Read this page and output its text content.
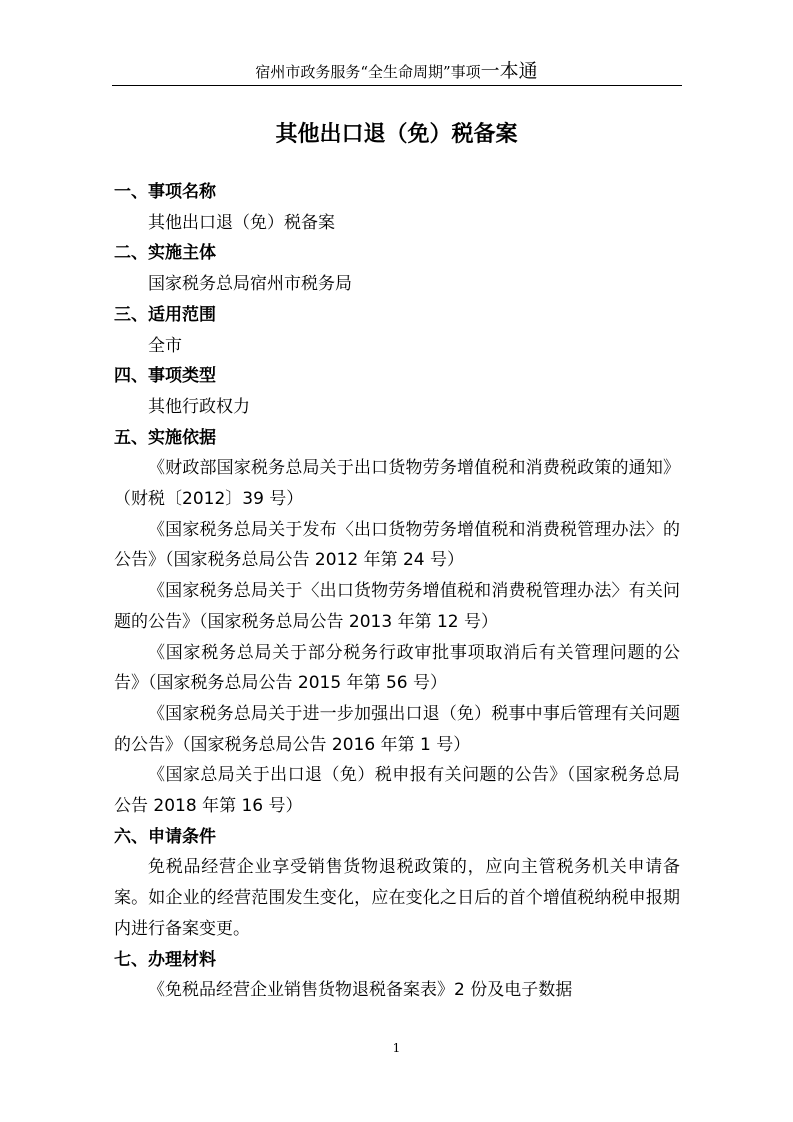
宿州市政务服务“全生命周期”事项一本通
其他出口退（免）税备案

一、事项名称

其他出口退（免）税备案

二、实施主体

国家税务总局宿州市税务局

三、适用范围

全市

四、事项类型

其他行政权力

五、实施依据

《财政部国家税务总局关于出口货物劳务增值税和消费税政策的通知》（财税〔2012〕39 号）

《国家税务总局关于发布〈出口货物劳务增值税和消费税管理办法〉的公告》（国家税务总局公告 2012 年第 24 号）

《国家税务总局关于〈出口货物劳务增值税和消费税管理办法〉有关问题的公告》（国家税务总局公告 2013 年第 12 号）

《国家税务总局关于部分税务行政审批事项取消后有关管理问题的公告》（国家税务总局公告 2015 年第 56 号）

《国家税务总局关于进一步加强出口退（免）税事中事后管理有关问题的公告》（国家税务总局公告 2016 年第 1 号）

《国家总局关于出口退（免）税申报有关问题的公告》（国家税务总局公告 2018 年第 16 号）

六、申请条件

免税品经营企业享受销售货物退税政策的，应向主管税务机关申请备案。如企业的经营范围发生变化，应在变化之日后的首个增值税纳税申报期内进行备案变更。

七、办理材料

《免税品经营企业销售货物退税备案表》2 份及电子数据

1
